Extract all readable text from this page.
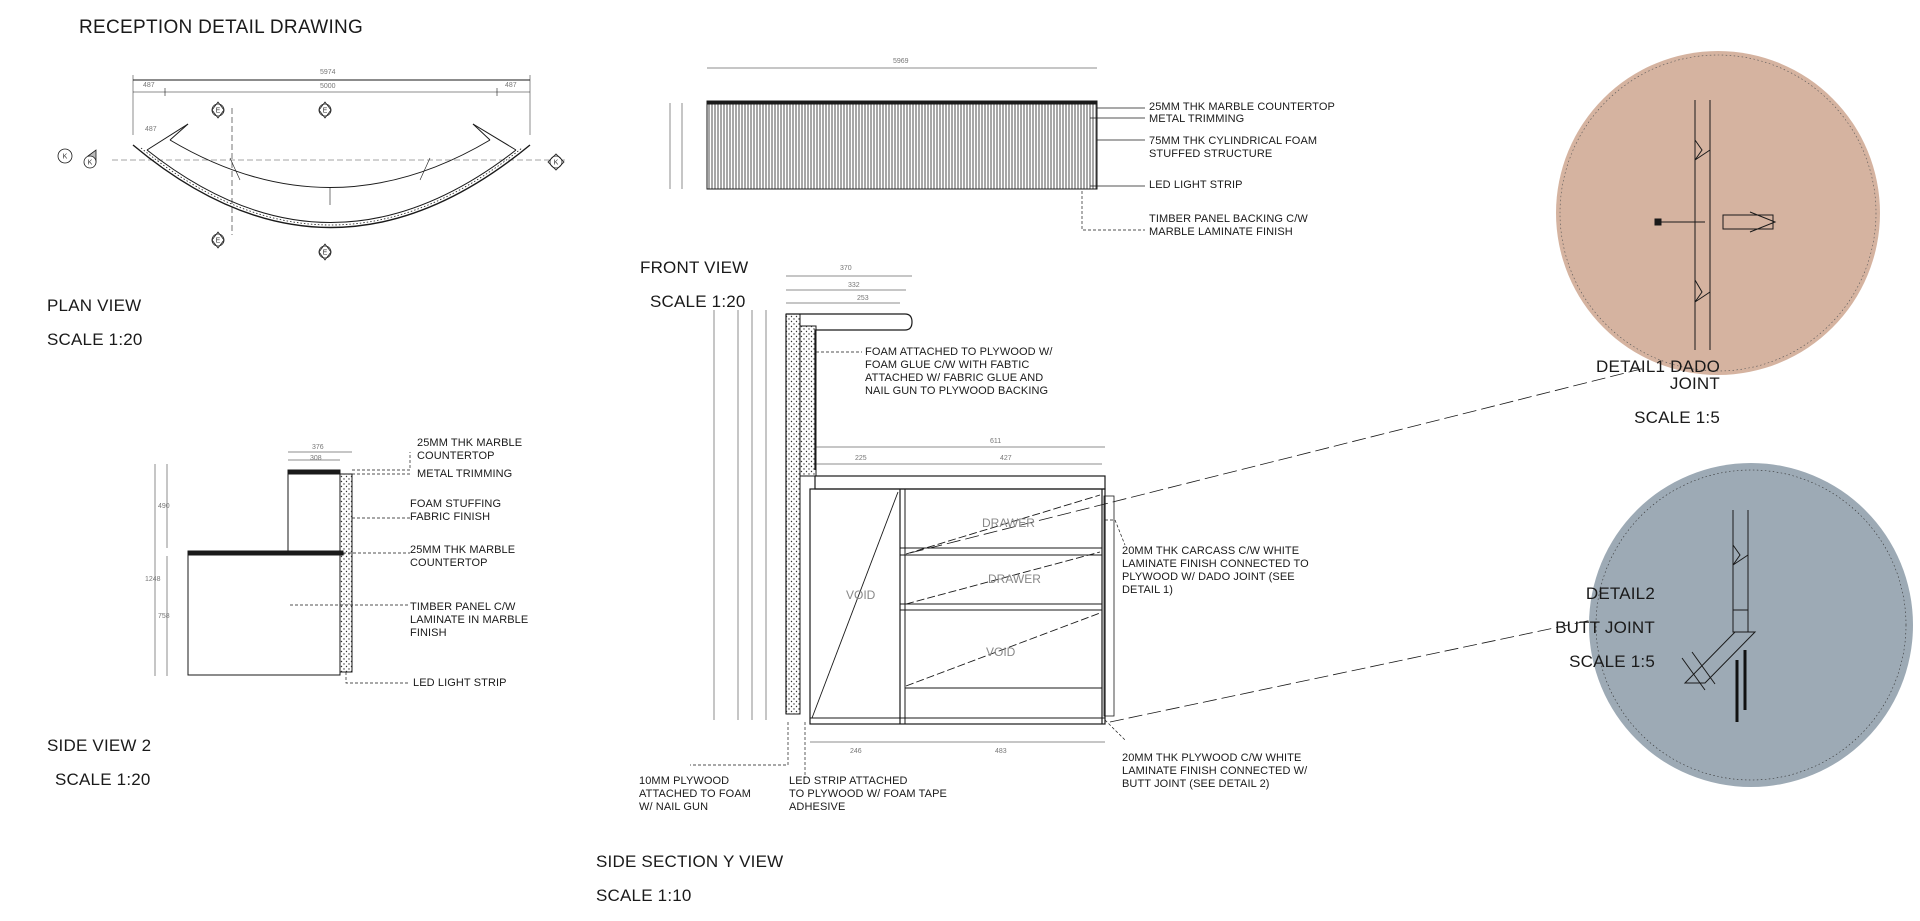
K
K
E	E
E
E
K
RECEPTION DETAIL DRAWING
5974
487	487
5000
487

PLAN VIEW

SCALE 1:20

5969
25MM THK MARBLE COUNTERTOP
METAL TRIMMING
75MM THK CYLINDRICAL FOAM
STUFFED STRUCTURE
LED LIGHT STRIP
TIMBER PANEL BACKING C/W
MARBLE LAMINATE FINISH

FRONT VIEW

SCALE 1:20

376
308
490
1248
758
25MM THK MARBLE
COUNTERTOP
METAL TRIMMING
FOAM STUFFING
FABRIC FINISH
25MM THK MARBLE
COUNTERTOP
TIMBER PANEL C/W
LAMINATE IN MARBLE
FINISH
LED LIGHT STRIP

SIDE VIEW 2

SCALE 1:20

370
332
253
611
225	427
246	483
DRAWER
DRAWER
VOID
VOID
FOAM ATTACHED TO PLYWOOD W/
FOAM GLUE C/W WITH FABTIC
ATTACHED W/ FABRIC GLUE AND
NAIL GUN TO PLYWOOD BACKING
20MM THK CARCASS C/W WHITE
LAMINATE FINISH CONNECTED TO
PLYWOOD W/ DADO JOINT (SEE
DETAIL 1)
20MM THK PLYWOOD C/W WHITE
LAMINATE FINISH CONNECTED W/
BUTT JOINT (SEE DETAIL 2)
10MM PLYWOOD
ATTACHED TO FOAM
W/ NAIL GUN
LED STRIP ATTACHED
TO PLYWOOD W/ FOAM TAPE
ADHESIVE

SIDE SECTION Y VIEW

SCALE 1:10

DETAIL1 DADO JOINT

SCALE 1:5

DETAIL2

BUTT JOINT

SCALE 1:5
